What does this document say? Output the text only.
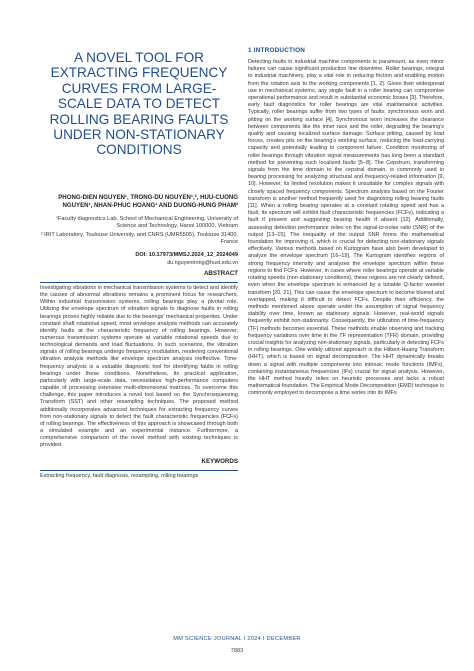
A NOVEL TOOL FOR EXTRACTING FREQUENCY CURVES FROM LARGE-SCALE DATA TO DETECT ROLLING BEARING FAULTS UNDER NON-STATIONARY CONDITIONS
PHONG-DIEN NGUYEN¹, TRONG-DU NGUYEN¹,², HUU-CUONG NGUYEN¹, NHAN-PHUC HOANG¹ AND DUONG-HUNG PHAM²

¹Faculty diagnostics Lab, School of Mechanical Engineering, University of Science and Technology, Hanoi 100000, Vietnam

² IRIT Laboratory, Toulouse University, and CNRS (UMR5505), Toulouse 31400, France

DOI: 10.17973/MMSJ.2024_12_2024049
du.nguyentrong@hust.edu.vn
ABSTRACT

Investigating vibrations in mechanical transmission systems to detect and identify the causes of abnormal vibrations remains a prominent focus for researchers. Within industrial transmission systems, rolling bearings play a pivotal role. Utilizing the envelope spectrum of vibration signals to diagnose faults in rolling bearings proves highly reliable due to the bearings' mechanical properties. Under constant shaft rotational speed, most envelope analysis methods can accurately identify faults at the characteristic frequency of rolling bearings. However, numerous transmission systems operate at variable rotational speeds due to technological demands and load fluctuations. In such scenarios, the vibration signals of rolling bearings undergo frequency modulation, rendering conventional vibration analysis methods like envelope spectrum analysis ineffective. Time-frequency analysis is a valuable diagnostic tool for identifying faults in rolling bearings under these conditions. Nonetheless, its practical application, particularly with large-scale data, necessitates high-performance computers capable of processing extensive multi-dimensional matrices. To overcome this challenge, this paper introduces a novel tool based on the Synchrosqueezing Transform (SST) and other resampling techniques. The proposed method additionally incorporates advanced techniques for extracting frequency curves from non-stationary signals to detect the fault characteristic frequencies (FCFs) of rolling bearings. The effectiveness of this approach is showcased through both a simulated example and an experimental instance. Furthermore, a comprehensive comparison of the novel method with existing techniques is provided.

KEYWORDS

Extracting frequency, fault diagnosis, resampling, rolling bearings

1 INTRODUCTION

Detecting faults in industrial machine components is paramount, as even minor failures can cause significant production line downtime. Roller bearings, integral to industrial machinery, play a vital role in reducing friction and enabling motion from the rotation axis to the working components [1, 2]. Given their widespread use in mechanical systems, any single fault in a roller bearing can compromise operational performance and result in substantial economic losses [3]. Therefore, early fault diagnostics for roller bearings are vital maintenance activities. Typically, roller bearings suffer from two types of faults: synchronous worn and pitting on the working surface [4]. Synchronous worn increases the clearance between components like the inner race and the roller, degrading the bearing's quality and causing localized surface damage. Surface pitting, caused by load forces, creates pits on the bearing's working surface, reducing the load-carrying capacity and potentially leading to component failure. Condition monitoring of roller bearings through vibration signal measurements has long been a standard method for preventing such localized faults [5–8]. The Cepstrum, transforming signals from the time domain to the cepstral domain, is commonly used in bearing processing for analyzing structural and frequency-related information [9, 10]. However, its limited resolution makes it unsuitable for complex signals with closely spaced frequency components. Spectrum analysis based on the Fourier transform is another method frequently used for diagnosing rolling bearing faults [11]. When a rolling bearing operates at a constant rotating speed and has a fault, its spectrum will exhibit fault characteristic frequencies (FCFs), indicating a fault if present and suggesting bearing health if absent [12]. Additionally, assessing detection performance relies on the signal-to-noise ratio (SNR) of the output [13–15]. The inequality of the output SNR forms the mathematical foundation for improving it, which is crucial for detecting non-stationary signals effectively. Various methods based on Kurtogram have also been developed to analyze the envelope spectrum [16–19]. The Kurtogram identifies regions of strong frequency intensity and analyzes the envelope spectrum within these regions to find FCFs. However, in cases where roller bearings operate at variable rotating speeds (non-stationary conditions), these regions are not clearly defined, even when the envelope spectrum is enhanced by a tunable Q-factor wavelet transform [20, 21]. This can cause the envelope spectrum to become blurred and overlapped, making it difficult to detect FCFs. Despite their efficiency, the methods mentioned above operate under the assumption of signal frequency stability over time, known as stationary signals. However, real-world signals frequently exhibit non-stationarity. Consequently, the utilization of time-frequency (TF) methods becomes essential. These methods enable observing and tracking frequency variations over time in the TF representation (TFR) domain, providing crucial insights for analyzing non-stationary signals, particularly in detecting FCFs in rolling bearings. One widely utilized approach is the Hilbert-Huang Transform (HHT), which is based on signal decomposition. The HHT dynamically breaks down a signal with multiple components into intrinsic mode functions (IMFs), containing instantaneous frequencies (IFs) crucial for signal analysis. However, the HHT method heavily relies on heuristic processes and lacks a robust mathematical foundation. The Empirical Mode Decomposition (EMD) technique is commonly employed to decompose a time series into its IMFs

MM SCIENCE JOURNAL I 2024 I DECEMBER
7883
